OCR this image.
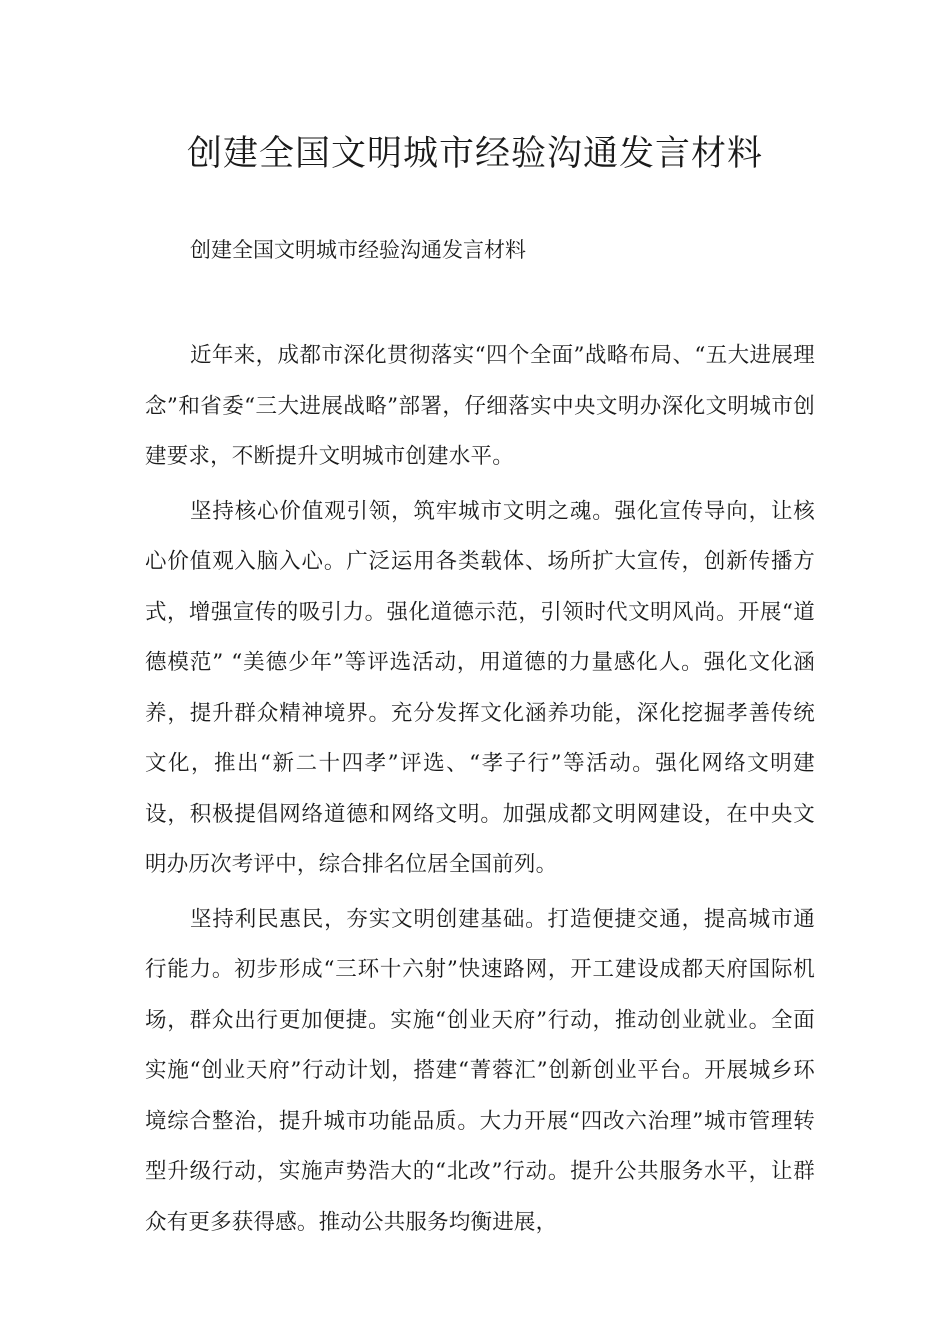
创建全国文明城市经验沟通发言材料

创建全国文明城市经验沟通发言材料

近年来，成都市深化贯彻落实“四个全面”战略布局、“五大进展理念”和省委“三大进展战略”部署，仔细落实中央文明办深化文明城市创建要求，不断提升文明城市创建水平。

坚持核心价值观引领，筑牢城市文明之魂。强化宣传导向，让核心价值观入脑入心。广泛运用各类载体、场所扩大宣传，创新传播方式，增强宣传的吸引力。强化道德示范，引领时代文明风尚。开展“道德模范” “美德少年”等评选活动，用道德的力量感化人。强化文化涵养，提升群众精神境界。充分发挥文化涵养功能，深化挖掘孝善传统文化，推出“新二十四孝”评选、“孝子行”等活动。强化网络文明建设，积极提倡网络道德和网络文明。加强成都文明网建设，在中央文明办历次考评中，综合排名位居全国前列。

坚持利民惠民，夯实文明创建基础。打造便捷交通，提高城市通行能力。初步形成“三环十六射”快速路网，开工建设成都天府国际机场，群众出行更加便捷。实施“创业天府”行动，推动创业就业。全面实施“创业天府”行动计划，搭建“菁蓉汇”创新创业平台。开展城乡环境综合整治，提升城市功能品质。大力开展“四改六治理”城市管理转型升级行动，实施声势浩大的“北改”行动。提升公共服务水平，让群众有更多获得感。推动公共服务均衡进展，
